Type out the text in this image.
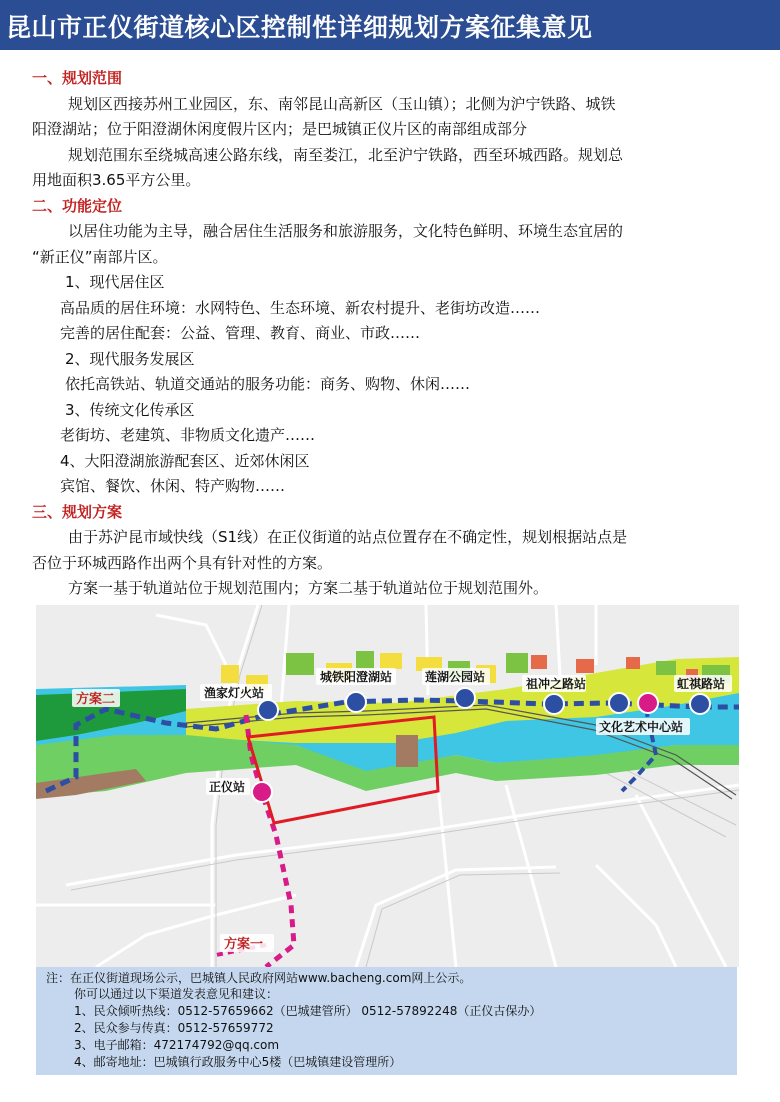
昆山市正仪街道核心区控制性详细规划方案征集意见

一、规划范围

规划区西接苏州工业园区，东、南邻昆山高新区（玉山镇）；北侧为沪宁铁路、城铁

阳澄湖站；位于阳澄湖休闲度假片区内；是巴城镇正仪片区的南部组成部分

规划范围东至绕城高速公路东线，南至娄江，北至沪宁铁路，西至环城西路。规划总

用地面积3.65平方公里。

二、功能定位

以居住功能为主导，融合居住生活服务和旅游服务，文化特色鲜明、环境生态宜居的

“新正仪”南部片区。

1、现代居住区

高品质的居住环境：水网特色、生态环境、新农村提升、老街坊改造……

完善的居住配套：公益、管理、教育、商业、市政……

2、现代服务发展区

依托高铁站、轨道交通站的服务功能：商务、购物、休闲……

3、传统文化传承区

老街坊、老建筑、非物质文化遗产……

4、大阳澄湖旅游配套区、近郊休闲区

宾馆、餐饮、休闲、特产购物……

三、规划方案

由于苏沪昆市域快线（S1线）在正仪街道的站点位置存在不确定性，规划根据站点是

否位于环城西路作出两个具有针对性的方案。

方案一基于轨道站位于规划范围内；方案二基于轨道站位于规划范围外。

渔家灯火站
城铁阳澄湖站	莲湖公园站	祖冲之路站
文化艺术中心站
虹祺路站
正仪站
方案二
方案一
注：在正仪街道现场公示，巴城镇人民政府网站www.bacheng.com网上公示。
你可以通过以下渠道发表意见和建议：
1、民众倾听热线：0512-57659662（巴城建管所） 0512-57892248（正仪古保办）
2、民众参与传真：0512-57659772
3、电子邮箱：472174792@qq.com
4、邮寄地址：巴城镇行政服务中心5楼（巴城镇建设管理所）
